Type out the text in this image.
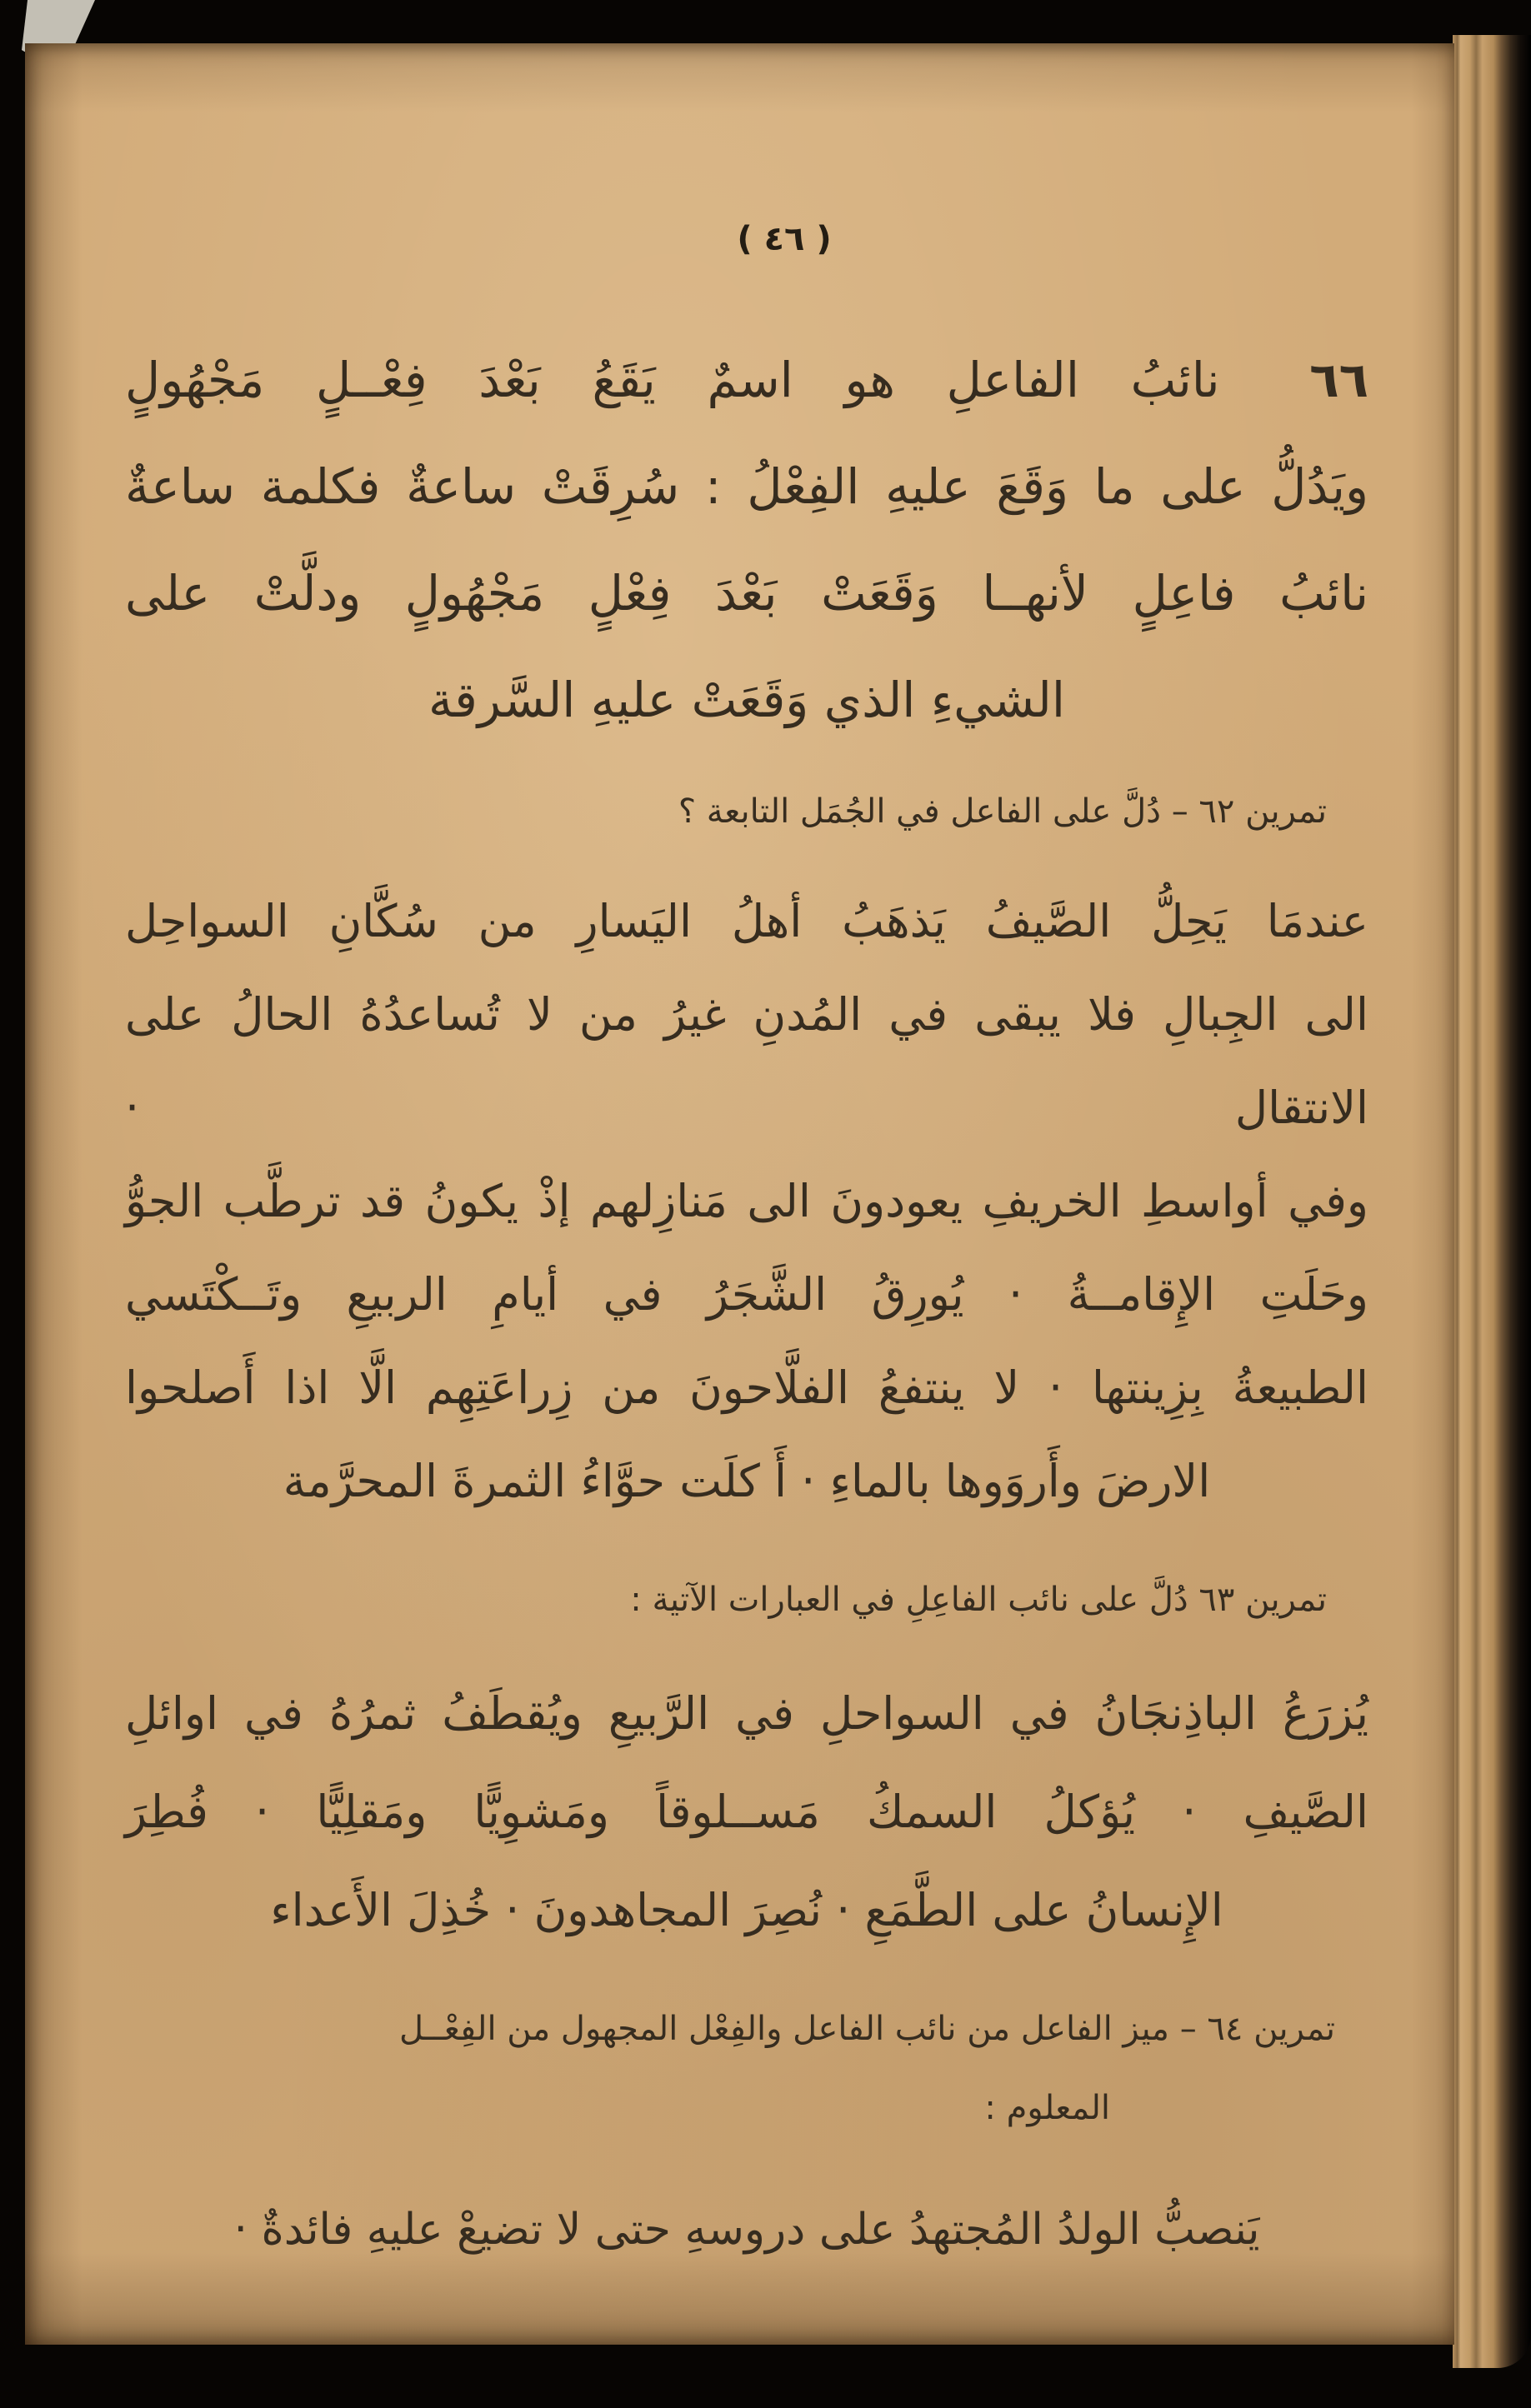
( ٤٦ )
٦٦ نائبُ الفاعلِ هو اسمٌ يَقَعُ بَعْدَ فِعْــلٍ مَجْهُولٍ
ويَدُلُّ على ما وَقَعَ عليهِ الفِعْلُ : سُرِقَتْ ساعةٌ فكلمة ساعةٌ
نائبُ فاعِلٍ لأنهــا وَقَعَتْ بَعْدَ فِعْلٍ مَجْهُولٍ ودلَّتْ على
الشيءِ الذي وَقَعَتْ عليهِ السَّرقة
تمرين ٦٢ – دُلَّ على الفاعل في الجُمَل التابعة ؟
عندمَا يَحِلُّ الصَّيفُ يَذهَبُ أهلُ اليَسارِ من سُكَّانِ السواحِل
الى الجِبالِ فلا يبقى في المُدنِ غيرُ من لا تُساعدُهُ الحالُ على الانتقال ·
وفي أواسطِ الخريفِ يعودونَ الى مَنازِلهم إذْ يكونُ قد ترطَّب الجوُّ
وحَلَتِ الإِقامــةُ · يُورِقُ الشَّجَرُ في أيامِ الربيعِ وتَــكْتَسي
الطبيعةُ بِزِينتها · لا ينتفعُ الفلَّاحونَ من زِراعَتِهِم الَّا اذا أَصلحوا
الارضَ وأَروَوها بالماءِ · أَ كلَت حوَّاءُ الثمرةَ المحرَّمة
تمرين ٦٣ دُلَّ على نائب الفاعِلِ في العبارات الآتية :
يُزرَعُ الباذِنجَانُ في السواحلِ في الرَّبيعِ ويُقطَفُ ثمرُهُ في اوائلِ
الصَّيفِ · يُؤكلُ السمكُ مَســلوقاً ومَشوِيًّا ومَقلِيًّا · فُطِرَ
الإِنسانُ على الطَّمَعِ · نُصِرَ المجاهدونَ · خُذِلَ الأَعداء
تمرين ٦٤ – ميز الفاعل من نائب الفاعل والفِعْل المجهول من الفِعْــل
المعلوم :
يَنصبُّ الولدُ المُجتهدُ على دروسهِ حتى لا تضيعْ عليهِ فائدةٌ ·
